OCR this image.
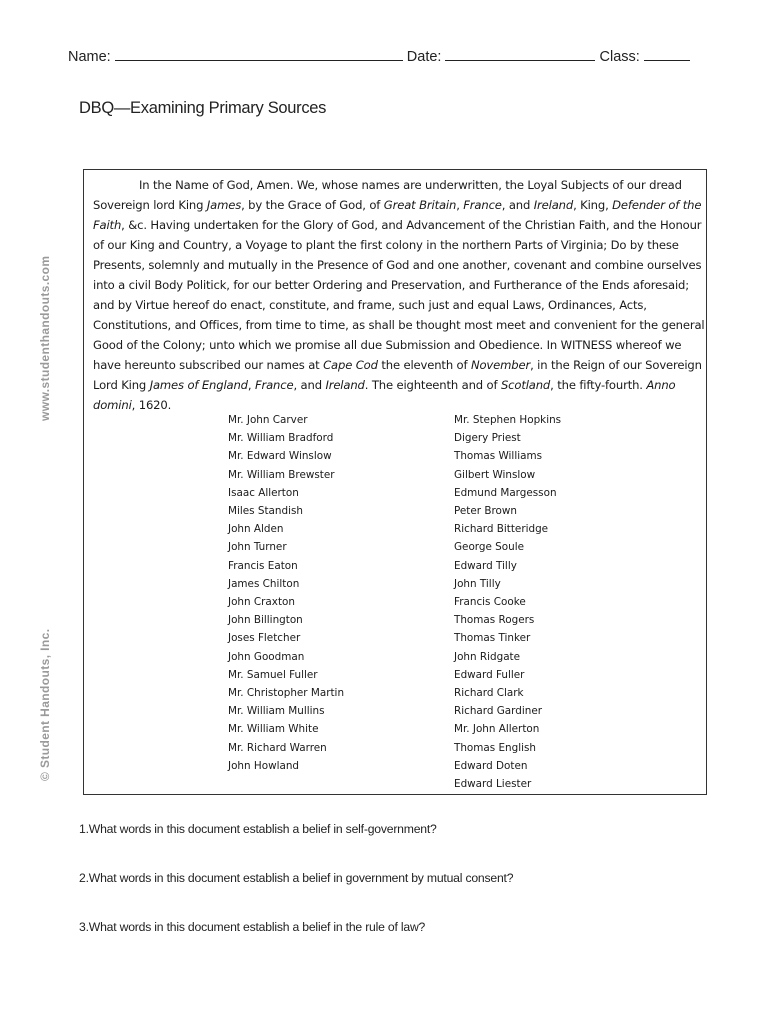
Name:	Date:	Class:
DBQ—Examining Primary Sources
www.studenthandouts.com
© Student Handouts, Inc.
In the Name of God, Amen. We, whose names are underwritten, the Loyal Subjects of our dread
Sovereign lord King James, by the Grace of God, of Great Britain, France, and Ireland, King, Defender of the
Faith, &c. Having undertaken for the Glory of God, and Advancement of the Christian Faith, and the Honour
of our King and Country, a Voyage to plant the first colony in the northern Parts of Virginia; Do by these
Presents, solemnly and mutually in the Presence of God and one another, covenant and combine ourselves
into a civil Body Politick, for our better Ordering and Preservation, and Furtherance of the Ends aforesaid;
and by Virtue hereof do enact, constitute, and frame, such just and equal Laws, Ordinances, Acts,
Constitutions, and Offices, from time to time, as shall be thought most meet and convenient for the general
Good of the Colony; unto which we promise all due Submission and Obedience. In WITNESS whereof we
have hereunto subscribed our names at Cape Cod the eleventh of November, in the Reign of our Sovereign
Lord King James of England, France, and Ireland. The eighteenth and of Scotland, the fifty-fourth. Anno
domini, 1620.
Mr. John Carver
Mr. William Bradford
Mr. Edward Winslow
Mr. William Brewster
Isaac Allerton
Miles Standish
John Alden
John Turner
Francis Eaton
James Chilton
John Craxton
John Billington
Joses Fletcher
John Goodman
Mr. Samuel Fuller
Mr. Christopher Martin
Mr. William Mullins
Mr. William White
Mr. Richard Warren
John Howland
Mr. Stephen Hopkins
Digery Priest
Thomas Williams
Gilbert Winslow
Edmund Margesson
Peter Brown
Richard Bitteridge
George Soule
Edward Tilly
John Tilly
Francis Cooke
Thomas Rogers
Thomas Tinker
John Ridgate
Edward Fuller
Richard Clark
Richard Gardiner
Mr. John Allerton
Thomas English
Edward Doten
Edward Liester
1.What words in this document establish a belief in self-government?
2.What words in this document establish a belief in government by mutual consent?
3.What words in this document establish a belief in the rule of law?
